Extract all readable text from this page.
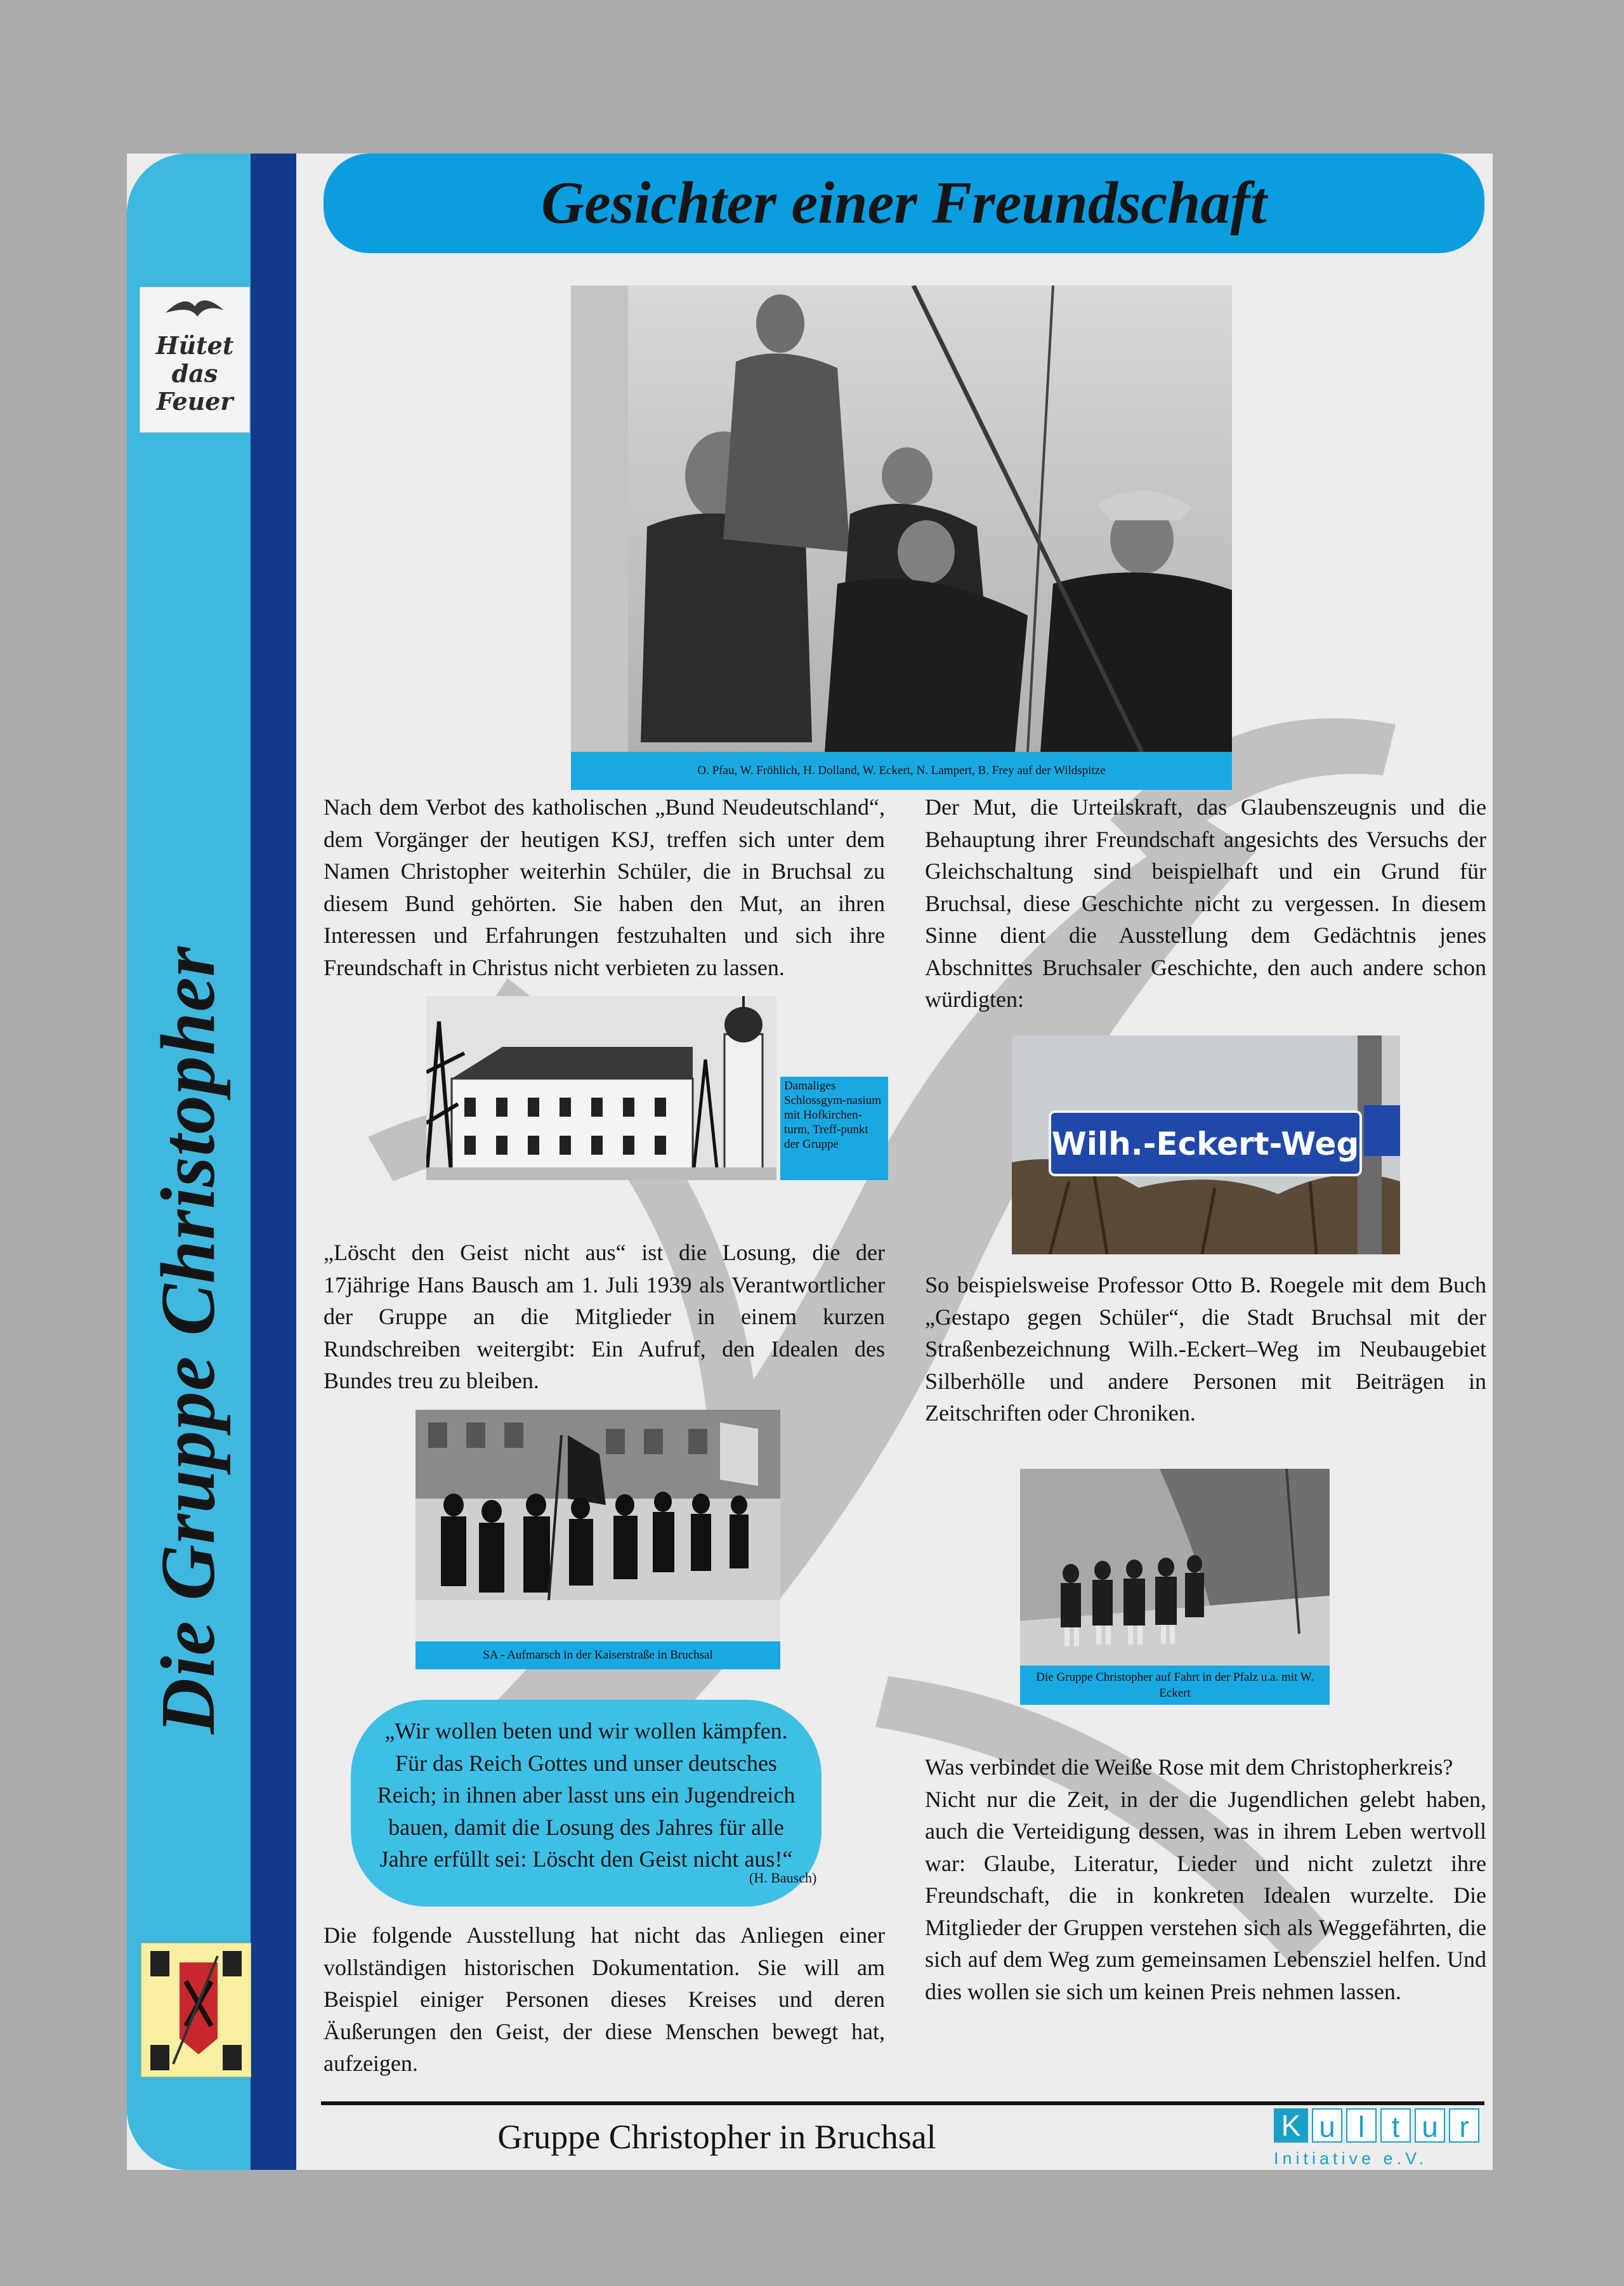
Die Gruppe Christopher
Hütet
das
Feuer
Gesichter einer Freundschaft
O. Pfau, W. Fröhlich, H. Dolland, W. Eckert, N. Lampert, B. Frey auf der Wildspitze

Nach dem Verbot des katholischen „Bund Neudeutschland“, dem Vorgänger der heutigen KSJ, treffen sich unter dem Namen Christopher weiterhin Schüler, die in Bruchsal zu diesem Bund gehörten. Sie haben den Mut, an ihren Interessen und Erfahrungen festzuhalten und sich ihre Freundschaft in Christus nicht verbieten zu lassen.

Damaliges Schlossgym-nasium mit Hofkirchen-turm, Treff-punkt der Gruppe

„Löscht den Geist nicht aus“ ist die Losung, die der 17jährige Hans Bausch am 1. Juli 1939 als Verantwortlicher der Gruppe an die Mitglieder in einem kurzen Rundschreiben weitergibt: Ein Aufruf, den Idealen des Bundes treu zu bleiben.

SA - Aufmarsch in der Kaiserstraße in Bruchsal
„Wir wollen beten und wir wollen kämpfen. Für das Reich Gottes und unser deutsches Reich; in ihnen aber lasst uns ein Jugendreich bauen, damit die Losung des Jahres für alle Jahre erfüllt sei: Löscht den Geist nicht aus!“
(H. Bausch)

Die folgende Ausstellung hat nicht das Anliegen einer vollständigen historischen Dokumentation. Sie will am Beispiel einiger Personen dieses Kreises und deren Äußerungen den Geist, der diese Menschen bewegt hat, aufzeigen.

Der Mut, die Urteilskraft, das Glaubenszeugnis und die Behauptung ihrer Freundschaft angesichts des Versuchs der Gleichschaltung sind beispielhaft und ein Grund für Bruchsal, diese Geschichte nicht zu vergessen. In diesem Sinne dient die Ausstellung dem Gedächtnis jenes Abschnittes Bruchsaler Geschichte, den auch andere schon würdigten:

Wilh.-Eckert-Weg

So beispielsweise Professor Otto B. Roegele mit dem Buch „Gestapo gegen Schüler“, die Stadt Bruchsal mit der Straßenbezeichnung Wilh.-Eckert–Weg im Neubaugebiet Silberhölle und andere Personen mit Beiträgen in Zeitschriften oder Chroniken.

Die Gruppe Christopher auf Fahrt in der Pfalz u.a. mit W. Eckert

Was verbindet die Weiße Rose mit dem Christopherkreis?

Nicht nur die Zeit, in der die Jugendlichen gelebt haben, auch die Verteidigung dessen, was in ihrem Leben wertvoll war: Glaube, Literatur, Lieder und nicht zuletzt ihre Freundschaft, die in konkreten Idealen wurzelte. Die Mitglieder der Gruppen verstehen sich als Weggefährten, die sich auf dem Weg zum gemeinsamen Lebensziel helfen. Und dies wollen sie sich um keinen Preis nehmen lassen.

Gruppe Christopher in Bruchsal	K u l t u r
Initiative e.V.
